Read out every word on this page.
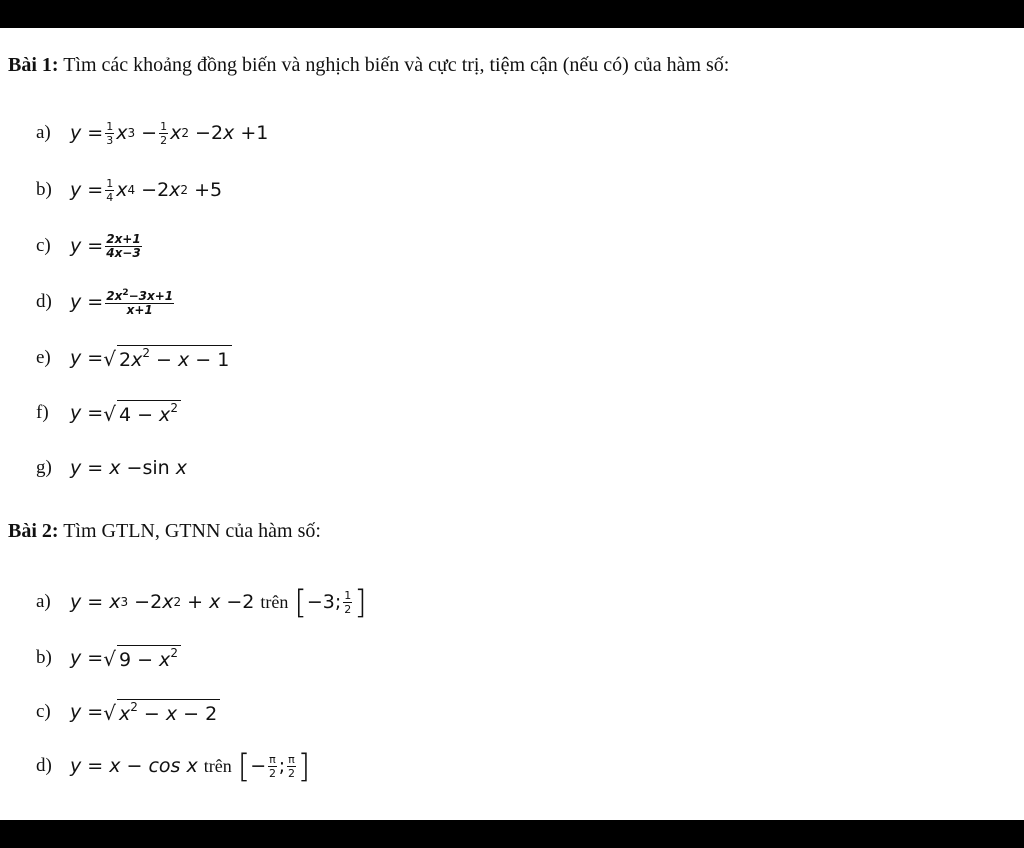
Bài 1: Tìm các khoảng đồng biến và nghịch biến và cực trị, tiệm cận (nếu có) của hàm số:
a)	$y = \frac{1}{3}$ x $3 - \frac{1}{2}$ x 2 − 2 x + 1
b) $y = \frac{1}{4}$ x 4 − 2 x 2 + 5
c)	$y = \frac{2x+1}{4x-3}$
d) $y = \frac{2x^2-3x+1}{x+1}$
e)	y = √ $2x^2 - x - 1$
f)	y = √ $4 - x^2$
g) y = x − sin x
Bài 2: Tìm GTLN, GTNN của hàm số:
a)	y = x 3 − 2 x 2 + x − 2 trên [ −3; $\frac{1}{2}$ ]
b) y = √ $9 - x^2$
c)	y = √ $x^2 - x - 2$
d) y = x − cos x trên [ − $\frac{\pi}{2}$ ; $\frac{\pi}{2}$ ]
